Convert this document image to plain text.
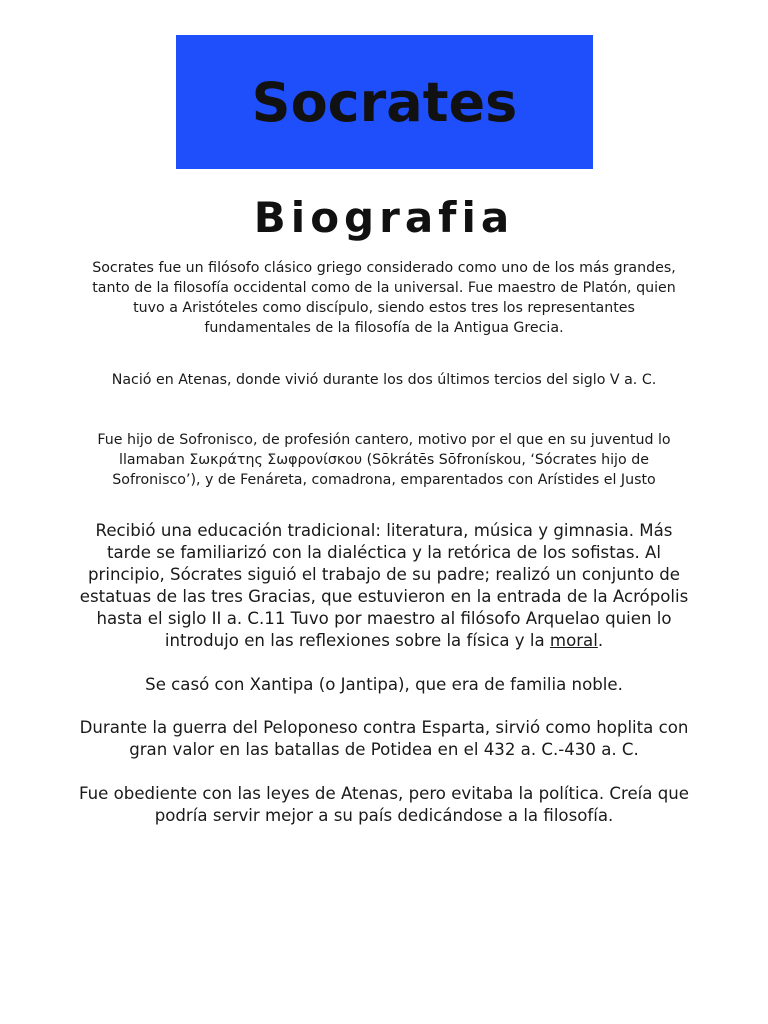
Socrates
Biografia

Socrates fue un filósofo clásico griego considerado como uno de los más grandes, tanto de la filosofía occidental como de la universal. Fue maestro de Platón, quien tuvo a Aristóteles como discípulo, siendo estos tres los representantes fundamentales de la filosofía de la Antigua Grecia.

Nació en Atenas, donde vivió durante los dos últimos tercios del siglo V a. C.

Fue hijo de Sofronisco, de profesión cantero, motivo por el que en su juventud lo llamaban Σωκράτης Σωφρονίσκου (Sōkrátēs Sōfronískou, ‘Sócrates hijo de Sofronisco’), y de Fenáreta, comadrona, emparentados con Arístides el Justo

Recibió una educación tradicional: literatura, música y gimnasia. Más tarde se familiarizó con la dialéctica y la retórica de los sofistas. Al principio, Sócrates siguió el trabajo de su padre; realizó un conjunto de estatuas de las tres Gracias, que estuvieron en la entrada de la Acrópolis hasta el siglo II a. C.11 Tuvo por maestro al filósofo Arquelao quien lo introdujo en las reflexiones sobre la física y la moral.

Se casó con Xantipa (o Jantipa), que era de familia noble.

Durante la guerra del Peloponeso contra Esparta, sirvió como hoplita con gran valor en las batallas de Potidea en el 432 a. C.-430 a. C.

Fue obediente con las leyes de Atenas, pero evitaba la política. Creía que podría servir mejor a su país dedicándose a la filosofía.
